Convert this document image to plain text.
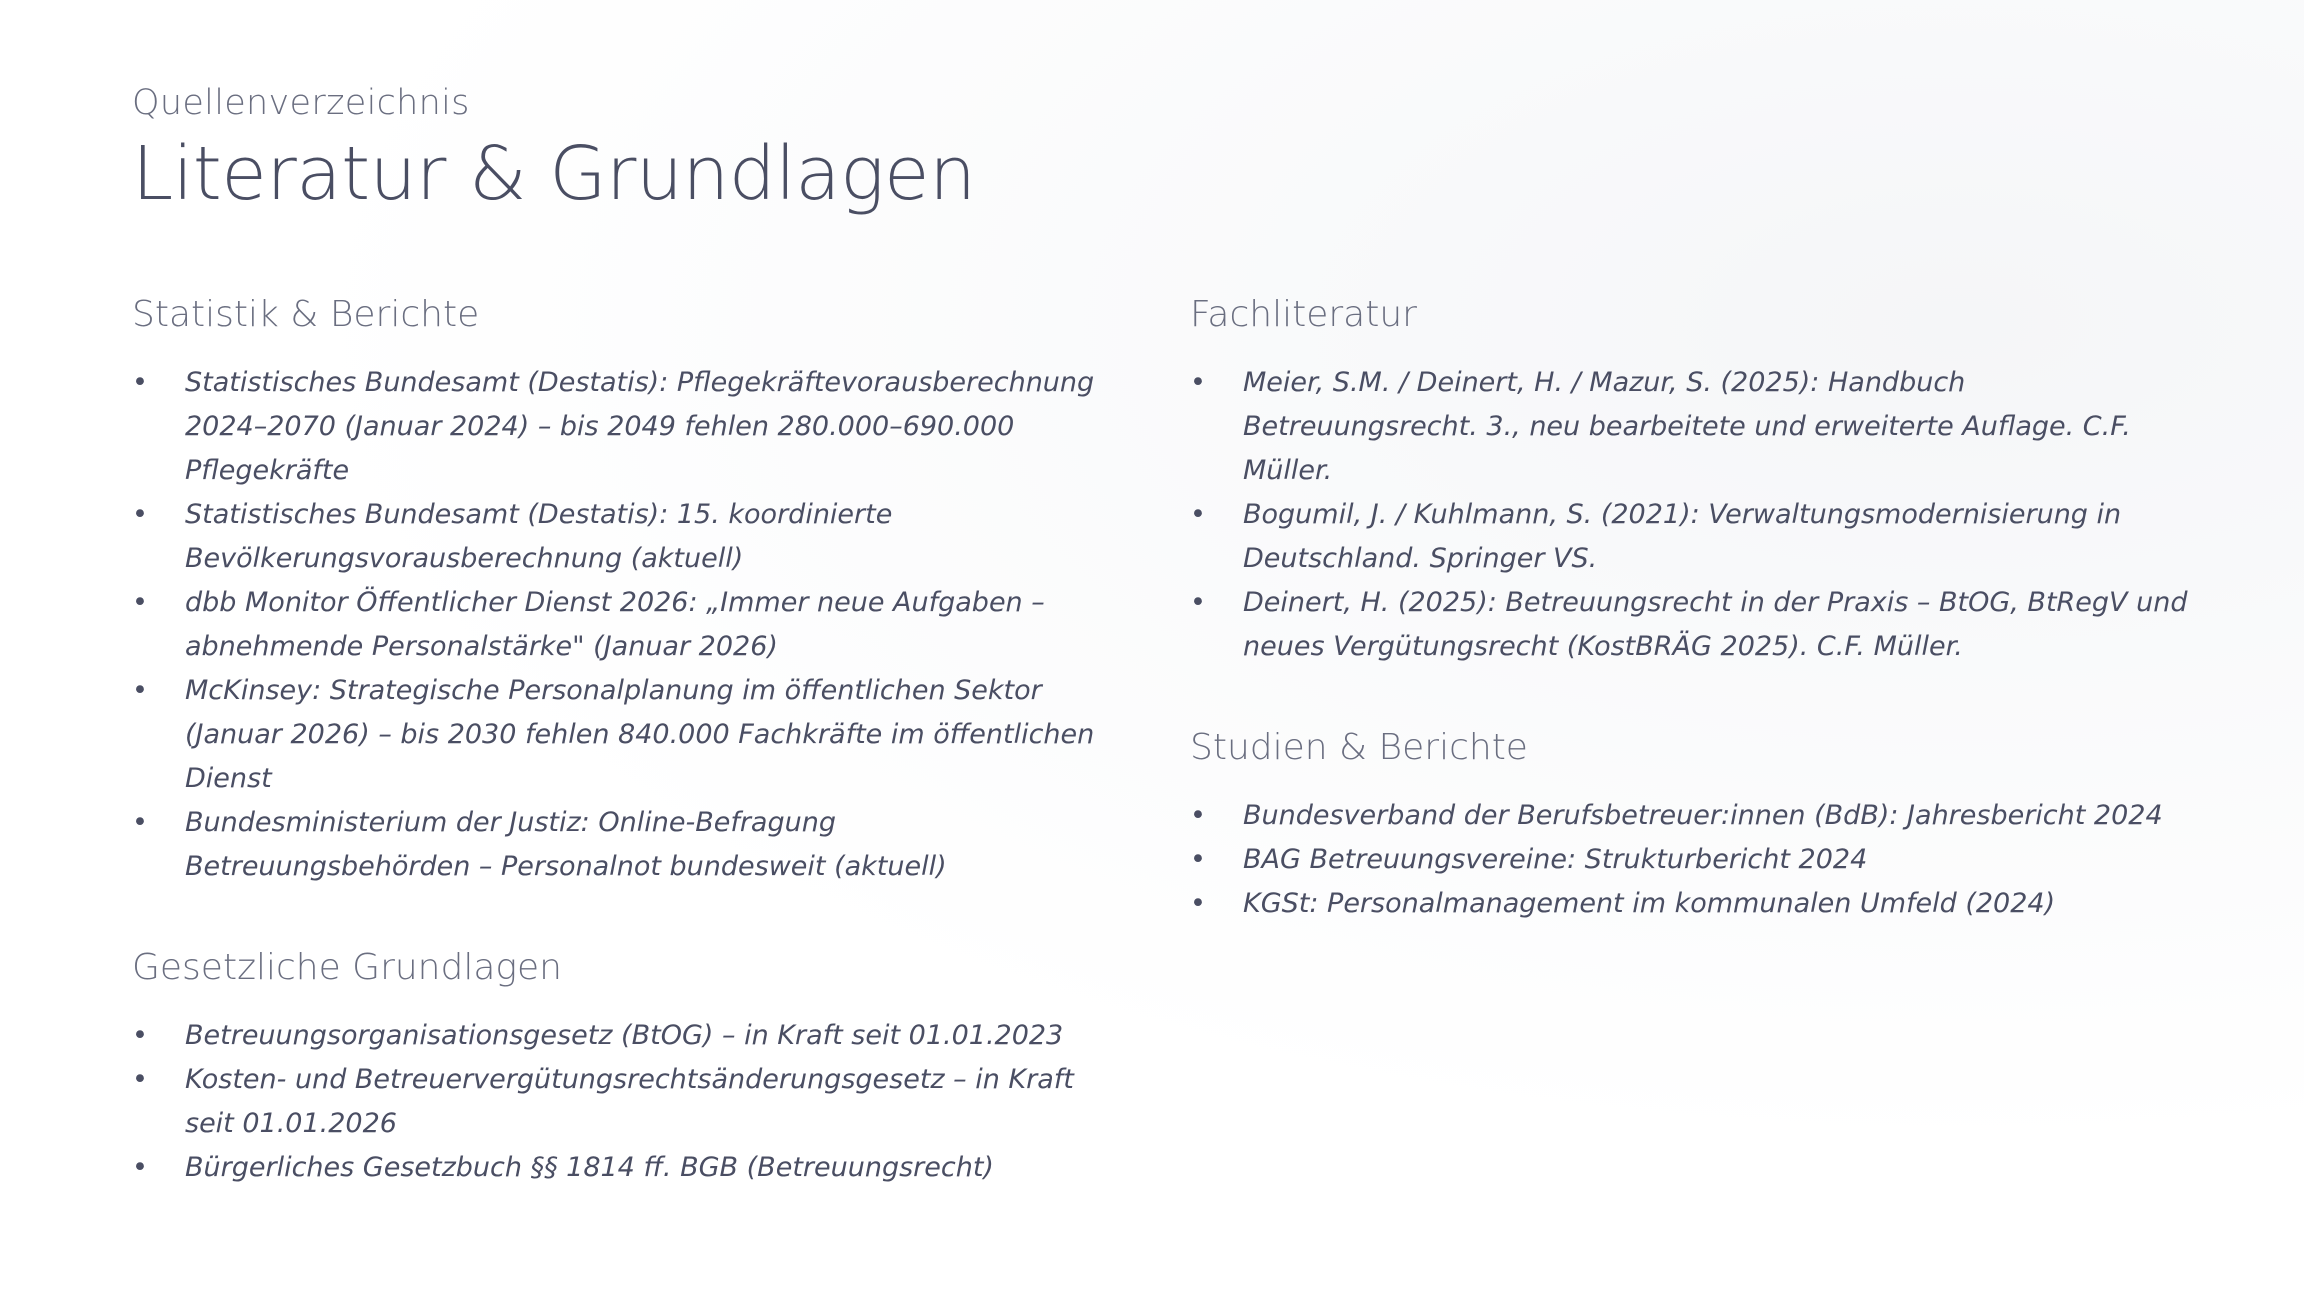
Quellenverzeichnis
Literatur & Grundlagen
Statistik & Berichte
• Statistisches Bundesamt (Destatis): Pflegekräftevorausberechnung 2024–2070 (Januar 2024) – bis 2049 fehlen 280.000–690.000 Pflegekräfte
• Statistisches Bundesamt (Destatis): 15. koordinierte Bevölkerungsvorausberechnung (aktuell)
• dbb Monitor Öffentlicher Dienst 2026: „Immer neue Aufgaben – abnehmende Personalstärke" (Januar 2026)
• McKinsey: Strategische Personalplanung im öffentlichen Sektor (Januar 2026) – bis 2030 fehlen 840.000 Fachkräfte im öffentlichen Dienst
• Bundesministerium der Justiz: Online-Befragung Betreuungsbehörden – Personalnot bundesweit (aktuell)
Gesetzliche Grundlagen
• Betreuungsorganisationsgesetz (BtOG) – in Kraft seit 01.01.2023
• Kosten- und Betreuervergütungsrechtsänderungsgesetz – in Kraft seit 01.01.2026
• Bürgerliches Gesetzbuch §§ 1814 ff. BGB (Betreuungsrecht)
Fachliteratur
• Meier, S.M. / Deinert, H. / Mazur, S. (2025): Handbuch Betreuungsrecht. 3., neu bearbeitete und erweiterte Auflage. C.F. Müller.
• Bogumil, J. / Kuhlmann, S. (2021): Verwaltungsmodernisierung in Deutschland. Springer VS.
• Deinert, H. (2025): Betreuungsrecht in der Praxis – BtOG, BtRegV und neues Vergütungsrecht (KostBRÄG 2025). C.F. Müller.
Studien & Berichte
• Bundesverband der Berufsbetreuer:innen (BdB): Jahresbericht 2024
• BAG Betreuungsvereine: Strukturbericht 2024
• KGSt: Personalmanagement im kommunalen Umfeld (2024)
